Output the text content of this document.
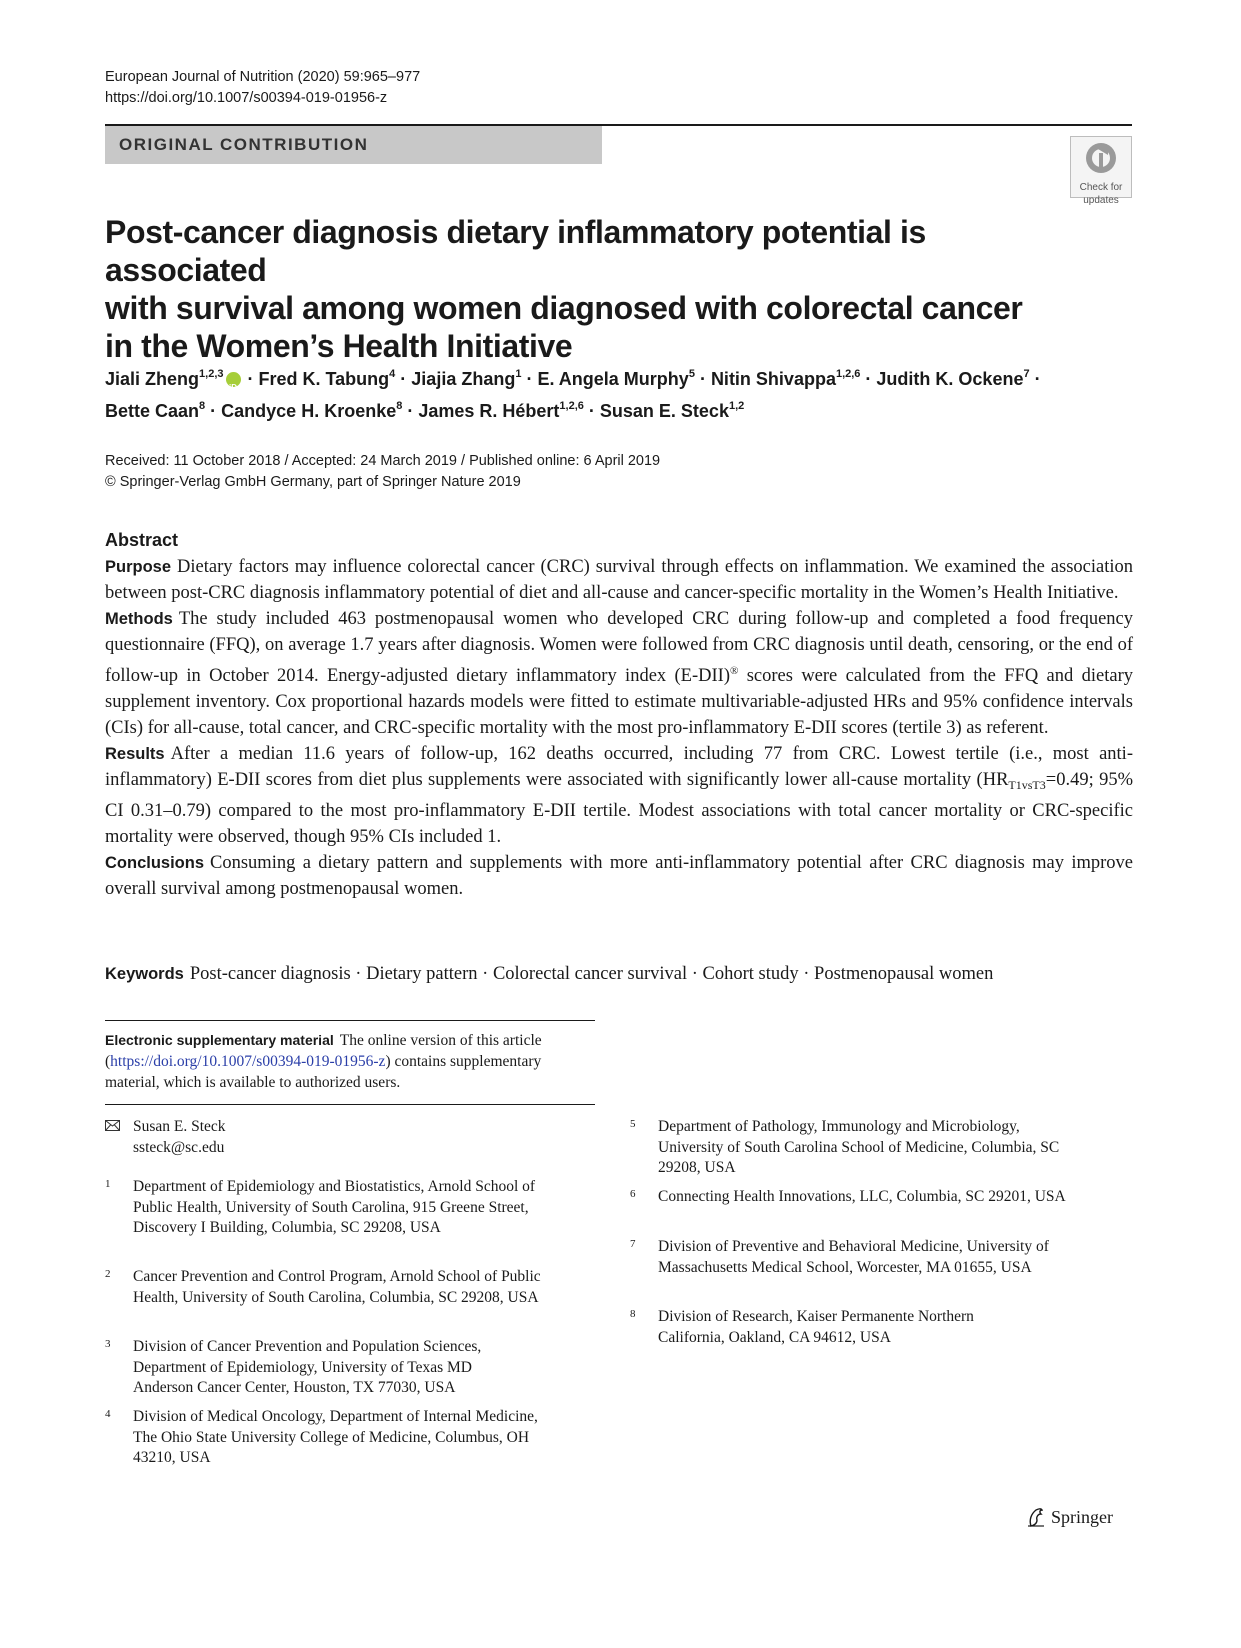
European Journal of Nutrition (2020) 59:965–977
https://doi.org/10.1007/s00394-019-01956-z
ORIGINAL CONTRIBUTION
Check for
updates
Post-cancer diagnosis dietary inflammatory potential is associated
with survival among women diagnosed with colorectal cancer
in the Women’s Health Initiative
Jiali Zheng$^{1,2,3}$
iD · Fred K. Tabung$^4$ · Jiajia Zhang$^1$ · E. Angela Murphy$^5$ · Nitin Shivappa$^{1,2,6}$ · Judith K. Ockene$^7$ ·
Bette Caan$^8$ · Candyce H. Kroenke$^8$ · James R. Hébert$^{1,2,6}$ · Susan E. Steck$^{1,2}$
Received: 11 October 2018 / Accepted: 24 March 2019 / Published online: 6 April 2019
© Springer-Verlag GmbH Germany, part of Springer Nature 2019
Abstract

Purpose Dietary factors may influence colorectal cancer (CRC) survival through effects on inflammation. We examined the association between post-CRC diagnosis inflammatory potential of diet and all-cause and cancer-specific mortality in the Women’s Health Initiative.

Methods The study included 463 postmenopausal women who developed CRC during follow-up and completed a food frequency questionnaire (FFQ), on average 1.7 years after diagnosis. Women were followed from CRC diagnosis until death, censoring, or the end of follow-up in October 2014. Energy-adjusted dietary inflammatory index (E-DII)® scores were calculated from the FFQ and dietary supplement inventory. Cox proportional hazards models were fitted to estimate multivariable-adjusted HRs and 95% confidence intervals (CIs) for all-cause, total cancer, and CRC-specific mortality with the most pro-inflammatory E-DII scores (tertile 3) as referent.

Results After a median 11.6 years of follow-up, 162 deaths occurred, including 77 from CRC. Lowest tertile (i.e., most anti-inflammatory) E-DII scores from diet plus supplements were associated with significantly lower all-cause mortality ($HR_{T1vsT3}=0.49$; 95% CI 0.31–0.79) compared to the most pro-inflammatory E-DII tertile. Modest associations with total cancer mortality or CRC-specific mortality were observed, though 95% CIs included 1.

Conclusions Consuming a dietary pattern and supplements with more anti-inflammatory potential after CRC diagnosis may improve overall survival among postmenopausal women.

Keywords Post-cancer diagnosis · Dietary pattern · Colorectal cancer survival · Cohort study · Postmenopausal women
Electronic supplementary material The online version of this article (https://doi.org/10.1007/s00394-019-01956-z) contains supplementary material, which is available to authorized users.
Susan E. Steck
ssteck@sc.edu
1 Department of Epidemiology and Biostatistics, Arnold School of Public Health, University of South Carolina, 915 Greene Street, Discovery I Building, Columbia, SC 29208, USA
2 Cancer Prevention and Control Program, Arnold School of Public Health, University of South Carolina, Columbia, SC 29208, USA
3 Division of Cancer Prevention and Population Sciences, Department of Epidemiology, University of Texas MD Anderson Cancer Center, Houston, TX 77030, USA
4 Division of Medical Oncology, Department of Internal Medicine, The Ohio State University College of Medicine, Columbus, OH 43210, USA
5 Department of Pathology, Immunology and Microbiology, University of South Carolina School of Medicine, Columbia, SC 29208, USA
6 Connecting Health Innovations, LLC, Columbia, SC 29201, USA
7 Division of Preventive and Behavioral Medicine, University of Massachusetts Medical School, Worcester, MA 01655, USA
8 Division of Research, Kaiser Permanente Northern California, Oakland, CA 94612, USA
Springer
